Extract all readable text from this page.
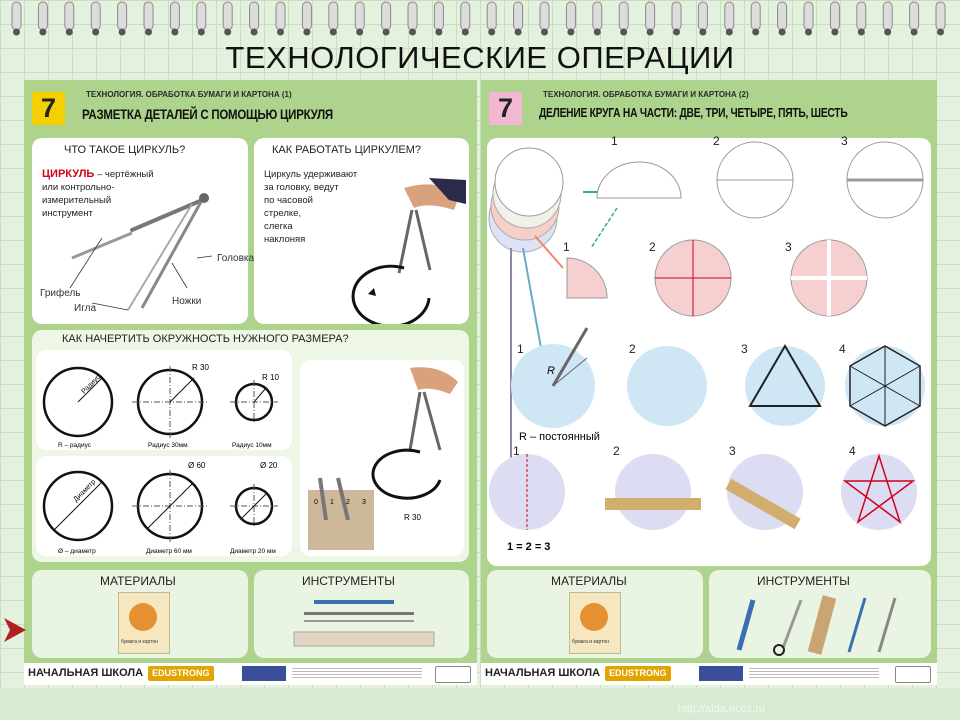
ТЕХНОЛОГИЧЕСКИЕ ОПЕРАЦИИ
7	ТЕХНОЛОГИЯ. ОБРАБОТКА БУМАГИ И КАРТОНА (1)
РАЗМЕТКА ДЕТАЛЕЙ С ПОМОЩЬЮ ЦИРКУЛЯ
ЧТО ТАКОЕ ЦИРКУЛЬ?
ЦИРКУЛЬ – чертёжный
или контрольно-
измерительный
инструмент
Головка
Грифель
Игла
Ножки
КАК РАБОТАТЬ ЦИРКУЛЕМ?
Циркуль удерживают
за головку, ведут
по часовой
стрелке,
слегка
наклоняя
КАК НАЧЕРТИТЬ ОКРУЖНОСТЬ НУЖНОГО РАЗМЕРА?
Радиус
R 30
R 10
R – радиус	Радиус 30мм	Радиус 10мм
Диаметр
Ø 60	Ø 20
Ø – диаметр	Диаметр 60 мм	Диаметр 20 мм
0 1 2 3
R 30
МАТЕРИАЛЫ
бумага и картон
ИНСТРУМЕНТЫ
НАЧАЛЬНАЯ ШКОЛА EDUSTRONG
7	ТЕХНОЛОГИЯ. ОБРАБОТКА БУМАГИ И КАРТОНА (2)
ДЕЛЕНИЕ КРУГА НА ЧАСТИ: ДВЕ, ТРИ, ЧЕТЫРЕ, ПЯТЬ, ШЕСТЬ
R
R – постоянный
1 = 2 = 3
1	2	3
1	2	3
1	2	3	4
1	2	3	4
МАТЕРИАЛЫ
бумага и картон
ИНСТРУМЕНТЫ
НАЧАЛЬНАЯ ШКОЛА EDUSTRONG
http://aida.ucoz.ru
